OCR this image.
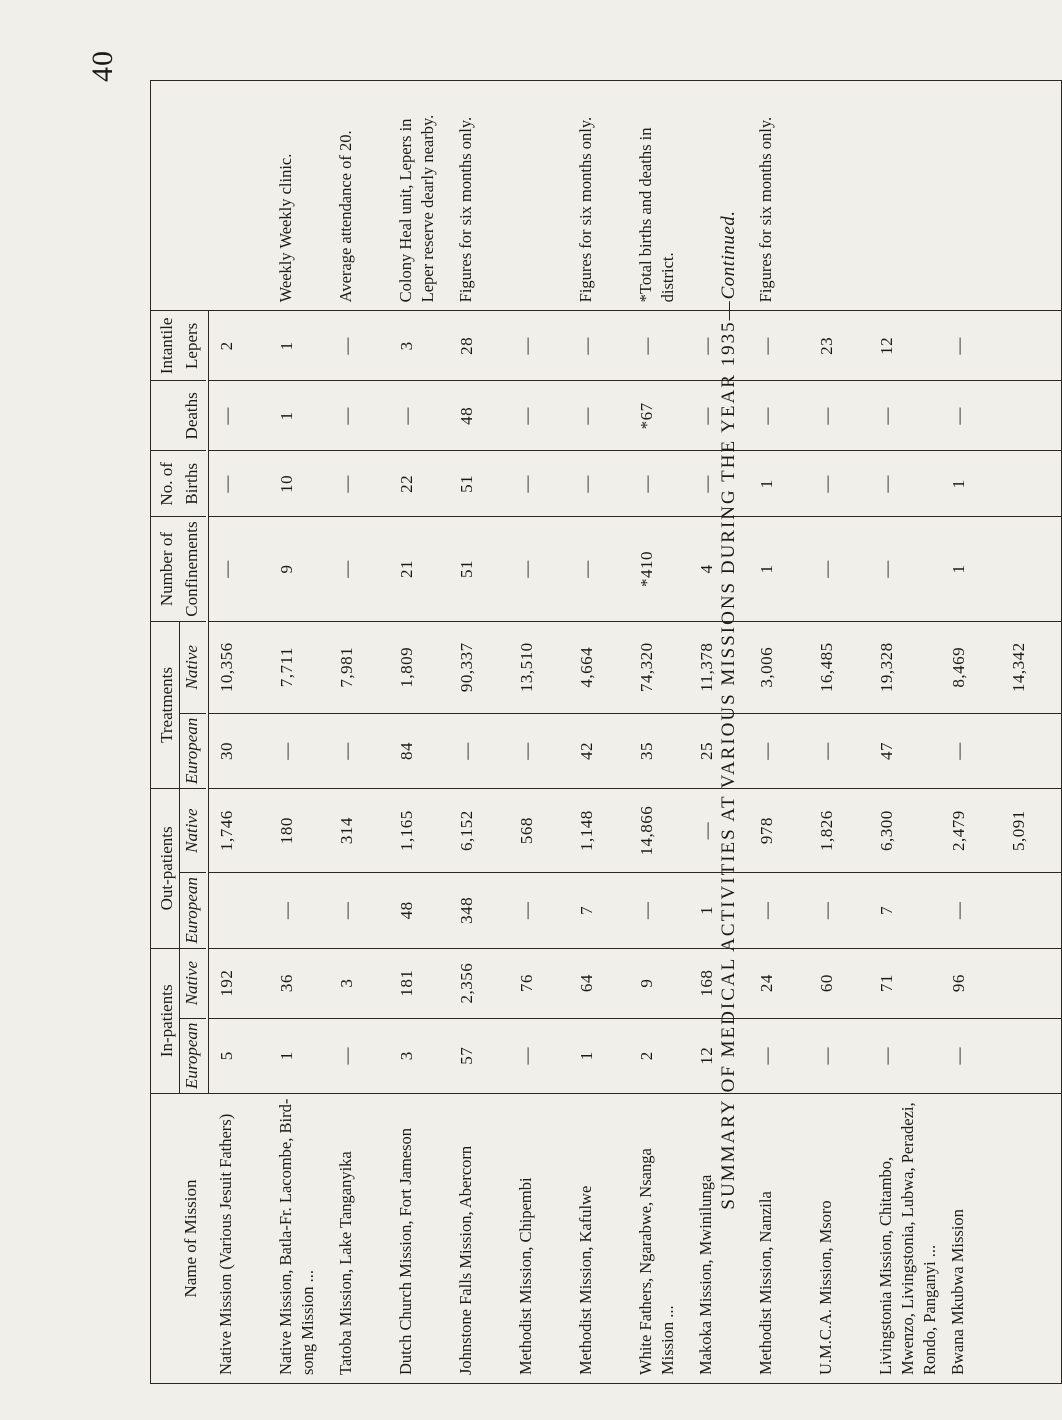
40
Name of Mission	In-patients		Out-patients		Treatments		Number of	No. of		Intantile	
	European	Native	European	Native	European	Native	Confinements	Births	Deaths	Lepers	

Native Mission (Various Jesuit Fathers)	5	192		1,746	30	10,356	—	—	—	2	
Native Mission, Batla-Fr. Lacombe, Bird-song Mission ...	1	36	—	180	—	7,711	9	10	1	1	Weekly Weekly clinic.
Tatoba Mission, Lake Tanganyika	—	3	—	314	—	7,981	—	—	—	—	Average attendance of 20.
Dutch Church Mission, Fort Jameson	3	181	48	1,165	84	1,809	21	22	—	3	Colony Heal unit, Lepers in Leper reserve dearly nearby.
Johnstone Falls Mission, Abercorn	57	2,356	348	6,152	—	90,337	51	51	48	28	Figures for six months only.
Methodist Mission, Chipembi	—	76	—	568	—	13,510	—	—	—	—	
Methodist Mission, Kafulwe	1	64	7	1,148	42	4,664	—	—	—	—	Figures for six months only.
White Fathers, Ngarabwe, Nsanga Mission ...	2	9	—	14,866	35	74,320	*410	—	*67	—	*Total births and deaths in district.
Makoka Mission, Mwinilunga	12	168	1	—	25	11,378	4	—	—	—	
Methodist Mission, Nanzila	—	24	—	978	—	3,006	1	1	—	—	Figures for six months only.
U.M.C.A. Mission, Msoro	—	60	—	1,826	—	16,485	—	—	—	23	
Livingstonia Mission, Chitambo, Mwenzo, Livingstonia, Lubwa, Peradezi, Rondo, Panganyi ...	—	71	7	6,300	47	19,328	—	—	—	12	
Bwana Mkubwa Mission	—	96	—	2,479	—	8,469	1	1	—	—	
				5,091		14,342					
SUMMARY OF MEDICAL ACTIVITIES AT VARIOUS MISSIONS DURING THE YEAR 1935—Continued.
